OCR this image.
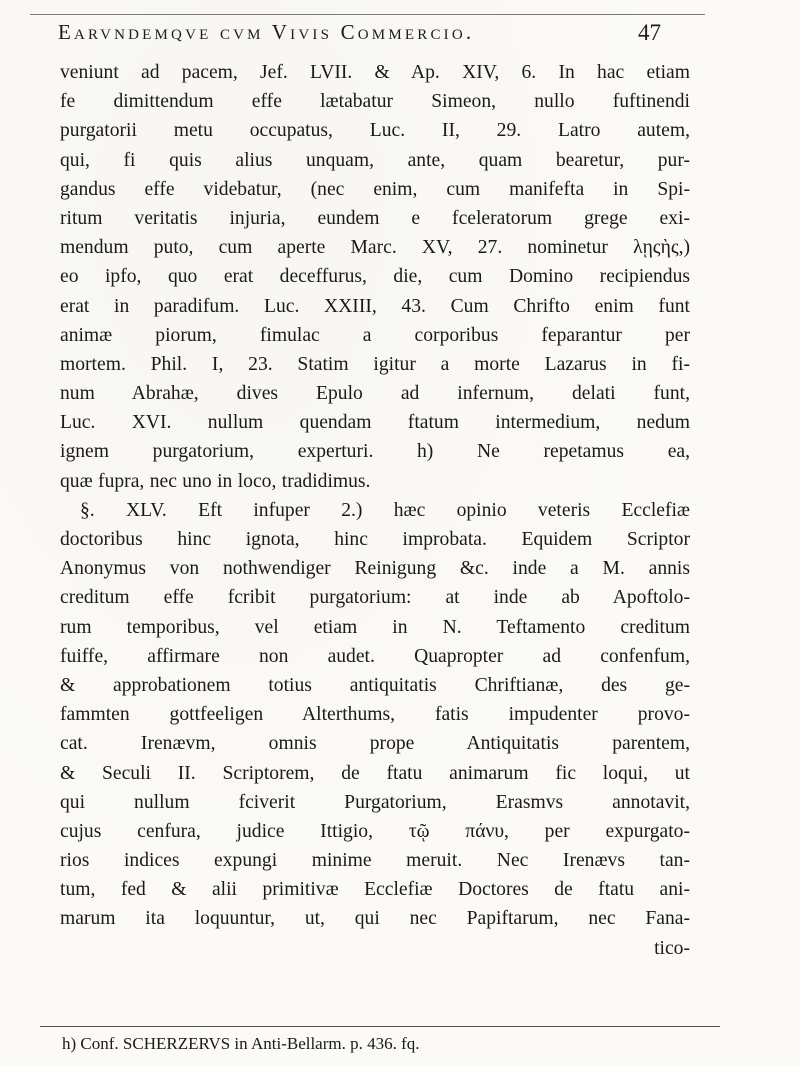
Earvndemqve cvm Vivis Commercio.	47
veniunt ad pacem, Jef. LVII. & Ap. XIV, 6. In hac etiam
fe dimittendum effe lætabatur Simeon, nullo fuftinendi
purgatorii metu occupatus, Luc. II, 29. Latro autem,
qui, fi quis alius unquam, ante, quam bearetur, pur-
gandus effe videbatur, (nec enim, cum manifefta in Spi-
ritum veritatis injuria, eundem e fceleratorum grege exi-
mendum puto, cum aperte Marc. XV, 27. nominetur λῃςὴς,)
eo ipfo, quo erat deceffurus, die, cum Domino recipiendus
erat in paradifum. Luc. XXIII, 43. Cum Chrifto enim funt
animæ piorum, fimulac a corporibus feparantur per
mortem. Phil. I, 23. Statim igitur a morte Lazarus in fi-
num Abrahæ, dives Epulo ad infernum, delati funt,
Luc. XVI. nullum quendam ftatum intermedium, nedum
ignem purgatorium, experturi. h) Ne repetamus ea,
quæ fupra, nec uno in loco, tradidimus.
§. XLV. Eft infuper 2.) hæc opinio veteris Ecclefiæ
doctoribus hinc ignota, hinc improbata. Equidem Scriptor
Anonymus von nothwendiger Reinigung &c. inde a M. annis
creditum effe fcribit purgatorium: at inde ab Apoftolo-
rum temporibus, vel etiam in N. Teftamento creditum
fuiffe, affirmare non audet. Quapropter ad confenfum,
& approbationem totius antiquitatis Chriftianæ, des ge-
fammten gottfeeligen Alterthums, fatis impudenter provo-
cat. Irenævm, omnis prope Antiquitatis parentem,
& Seculi II. Scriptorem, de ftatu animarum fic loqui, ut
qui nullum fciverit Purgatorium, Erasmvs annotavit,
cujus cenfura, judice Ittigio, τῷ πάνυ, per expurgato-
rios indices expungi minime meruit. Nec Irenævs tan-
tum, fed & alii primitivæ Ecclefiæ Doctores de ftatu ani-
marum ita loquuntur, ut, qui nec Papiftarum, nec Fana-
tico-
h) Conf. SCHERZERVS in Anti-Bellarm. p. 436. fq.
